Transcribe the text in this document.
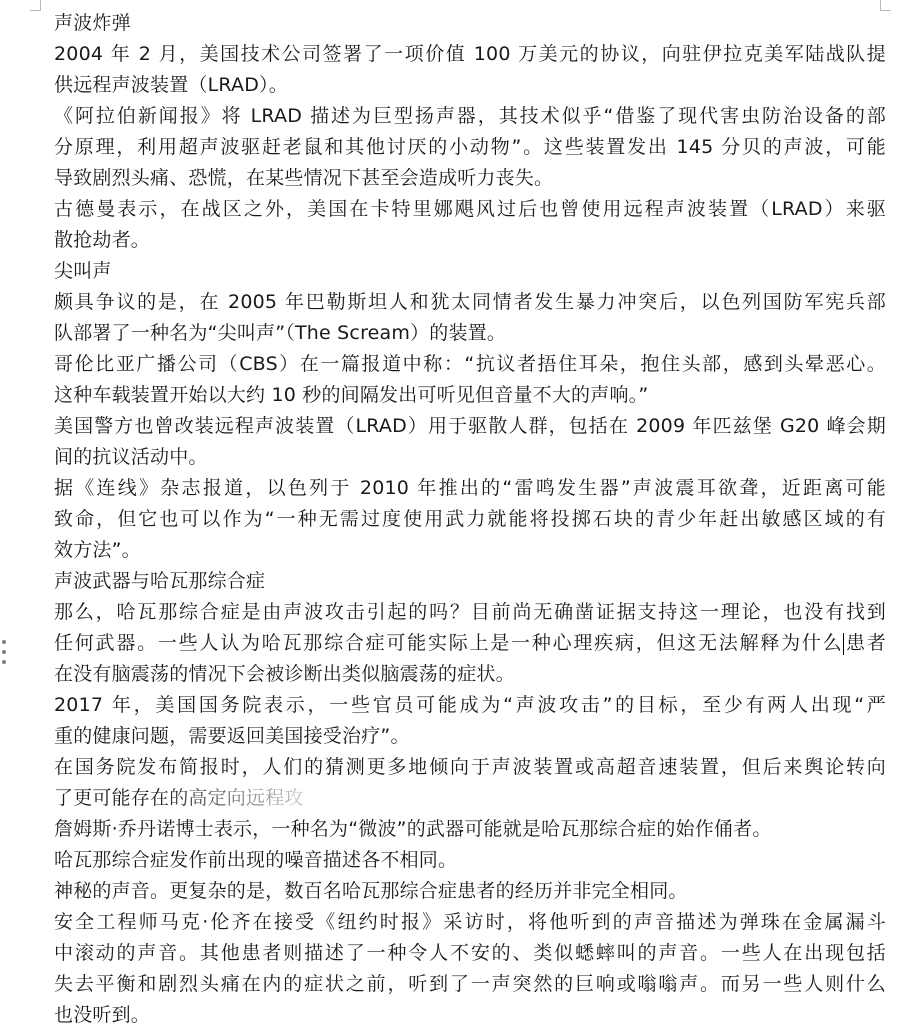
声波炸弹
2004 年 2 月，美国技术公司签署了一项价值 100 万美元的协议，向驻伊拉克美军陆战队提
供远程声波装置（LRAD）。
《阿拉伯新闻报》将 LRAD 描述为巨型扬声器，其技术似乎“借鉴了现代害虫防治设备的部
分原理，利用超声波驱赶老鼠和其他讨厌的小动物”。这些装置发出 145 分贝的声波，可能
导致剧烈头痛、恐慌，在某些情况下甚至会造成听力丧失。
古德曼表示，在战区之外，美国在卡特里娜飓风过后也曾使用远程声波装置（LRAD）来驱
散抢劫者。
尖叫声
颇具争议的是，在 2005 年巴勒斯坦人和犹太同情者发生暴力冲突后，以色列国防军宪兵部
队部署了一种名为“尖叫声”（The Scream）的装置。
哥伦比亚广播公司（CBS）在一篇报道中称：“抗议者捂住耳朵，抱住头部，感到头晕恶心。
这种车载装置开始以大约 10 秒的间隔发出可听见但音量不大的声响。”
美国警方也曾改装远程声波装置（LRAD）用于驱散人群，包括在 2009 年匹兹堡 G20 峰会期
间的抗议活动中。
据《连线》杂志报道，以色列于 2010 年推出的“雷鸣发生器”声波震耳欲聋，近距离可能
致命，但它也可以作为“一种无需过度使用武力就能将投掷石块的青少年赶出敏感区域的有
效方法”。
声波武器与哈瓦那综合症
那么，哈瓦那综合症是由声波攻击引起的吗？目前尚无确凿证据支持这一理论，也没有找到
任何武器。一些人认为哈瓦那综合症可能实际上是一种心理疾病，但这无法解释为什么患者
在没有脑震荡的情况下会被诊断出类似脑震荡的症状。
2017 年，美国国务院表示，一些官员可能成为“声波攻击”的目标，至少有两人出现“严
重的健康问题，需要返回美国接受治疗”。
在国务院发布简报时，人们的猜测更多地倾向于声波装置或高超音速装置，但后来舆论转向
了更可能存在的高定向远程攻
詹姆斯·乔丹诺博士表示，一种名为“微波”的武器可能就是哈瓦那综合症的始作俑者。
哈瓦那综合症发作前出现的噪音描述各不相同。
神秘的声音。更复杂的是，数百名哈瓦那综合症患者的经历并非完全相同。
安全工程师马克·伦齐在接受《纽约时报》采访时，将他听到的声音描述为弹珠在金属漏斗
中滚动的声音。其他患者则描述了一种令人不安的、类似蟋蟀叫的声音。一些人在出现包括
失去平衡和剧烈头痛在内的症状之前，听到了一声突然的巨响或嗡嗡声。而另一些人则什么
也没听到。
